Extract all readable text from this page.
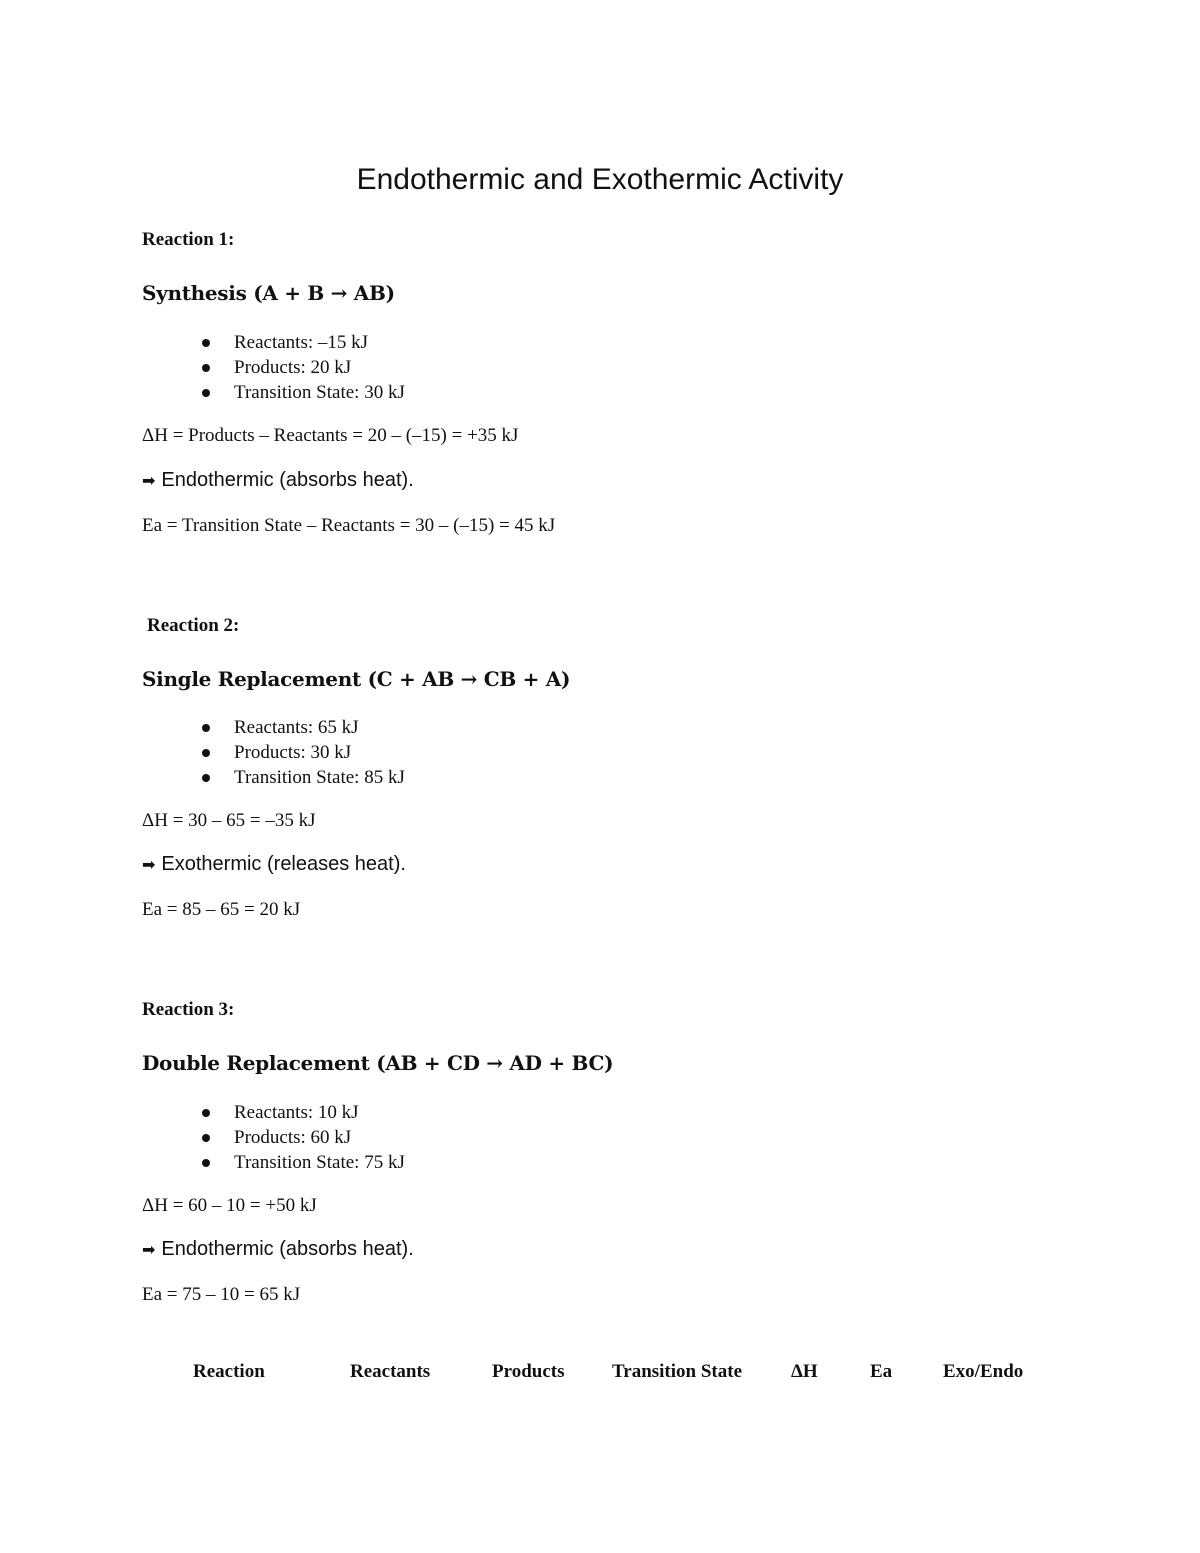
Endothermic and Exothermic Activity
Reaction 1:
Synthesis (A + B → AB)
Reactants: –15 kJ
Products: 20 kJ
Transition State: 30 kJ
ΔH = Products – Reactants = 20 – (–15) = +35 kJ
➡ Endothermic (absorbs heat).
Ea = Transition State – Reactants = 30 – (–15) = 45 kJ
Reaction 2:
Single Replacement (C + AB → CB + A)
Reactants: 65 kJ
Products: 30 kJ
Transition State: 85 kJ
ΔH = 30 – 65 = –35 kJ
➡ Exothermic (releases heat).
Ea = 85 – 65 = 20 kJ
Reaction 3:
Double Replacement (AB + CD → AD + BC)
Reactants: 10 kJ
Products: 60 kJ
Transition State: 75 kJ
ΔH = 60 – 10 = +50 kJ
➡ Endothermic (absorbs heat).
Ea = 75 – 10 = 65 kJ
Reaction	Reactants	Products	Transition State	ΔH	Ea	Exo/Endo
